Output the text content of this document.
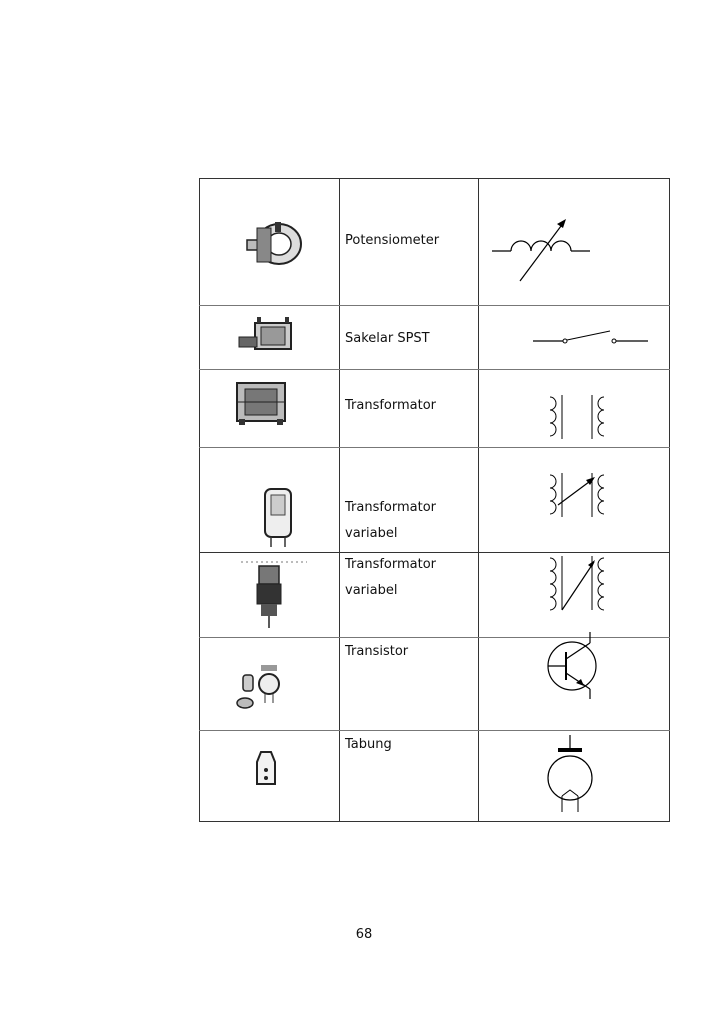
Potensiometer
Sakelar SPST
Transformator
Transformator
variabel
Transformator
variabel
Transistor
Tabung
68
